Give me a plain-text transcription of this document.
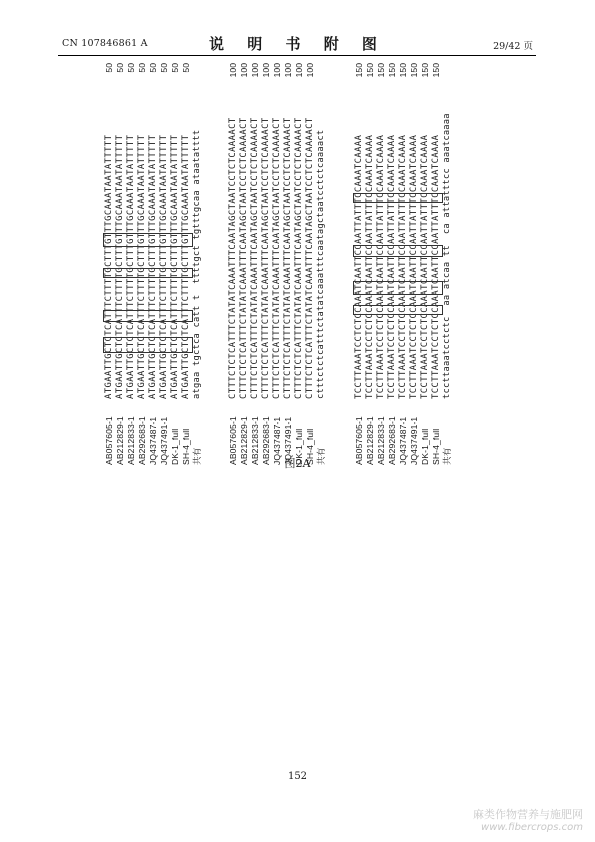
CN 107846861 A	说 明 书 附 图	29/42 页
AB057605-1
ATGAATTGCTCTCATTTCTTTTGCTTTGTTTGCAAATAATATTTTT
50
AB212829-1
ATGAATTGCTCTCATTTCTTTTGCTTTGTTTGCAAATAATATTTTT
50
AB212833-1
ATGAATTGCTCTCATTTCTTTTGCTTTGTTTGCAAATAATATTTTT
50
AB292683-1
ATGAATTGCTCTCATTTCTTTTGCTTTGTTTGCAAATAATATTTTT
50
JQ437487-1
ATGAATTGCTCTCATTTCTTTTGCTTTGTTTGCAAATAATATTTTT
50
JQ437491-1
ATGAATTGCTCTCATTTCTTTTGCTTTGTTTGCAAATAATATTTTT
50
DK-1_full
ATGAATTGCTCTCATTTCTTTTGCTTTGTTTGCAAATAATATTTTT
50
SH-4_full
ATGAATTGCTCTCATTTCTTTTGCTTTGTTTGCAAATAATATTTTT
50
共有
atgaa tgctca catt t  ttttgct tgtttgcaa ataatatttt
AB057605-1
CTTTCTCTCATTTCTATATCAAATTTCAATAGCTAATCCTCTCAAAACT
100
AB212829-1
CTTTCTCTCATTTCTATATCAAATTTCAATAGCTAATCCTCTCAAAACT
100
AB212833-1
CTTTCTCTCATTTCTATATCAAATTTCAATAGCTAATCCTCTCAAAACT
100
AB292683-1
CTTTCTCTCATTTCTATATCAAATTTCAATAGCTAATCCTCTCAAAACT
100
JQ437487-1
CTTTCTCTCATTTCTATATCAAATTTCAATAGCTAATCCTCTCAAAACT
100
JQ437491-1
CTTTCTCTCATTTCTATATCAAATTTCAATAGCTAATCCTCTCAAAACT
100
DK-1_full
CTTTCTCTCATTTCTATATCAAATTTCAATAGCTAATCCTCTCAAAACT
100
SH-4_full
CTTTCTCTCATTTCTATATCAAATTTCAATAGCTAATCCTCTCAAAACT
100
共有
ctttctctcatttctatatcaaatttcaatagctaatcctctcaaaact
AB057605-1
TCCTTAAATCCTCTCCAAATCAATTCCAATTATTTCCAAATCAAAA
150
AB212829-1
TCCTTAAATCCTCTCCAAATCAATTCCAATTATTTCCAAATCAAAA
150
AB212833-1
TCCTTAAATCCTCTCCAAATCAATTCCAATTATTTCCAAATCAAAA
150
AB292683-1
TCCTTAAATCCTCTCCAAATCAATTCCAATTATTTCCAAATCAAAA
150
JQ437487-1
TCCTTAAATCCTCTCCAAATCAATTCCAATTATTTCCAAATCAAAA
150
JQ437491-1
TCCTTAAATCCTCTCCAAATCAATTCCAATTATTTCCAAATCAAAA
150
DK-1_full
TCCTTAAATCCTCTCCAAATCAATTCCAATTATTTCCAAATCAAAA
150
SH-4_full
TCCTTAAATCCTCTCCAAATCAATTCCAATTATTTCCAAATCAAAA
150
共有
tccttaaatcctctc  aa atcaa tt  ca attatttcc aaatcaaaa
图2A
152
麻类作物营养与施肥网
www.fibercrops.com
